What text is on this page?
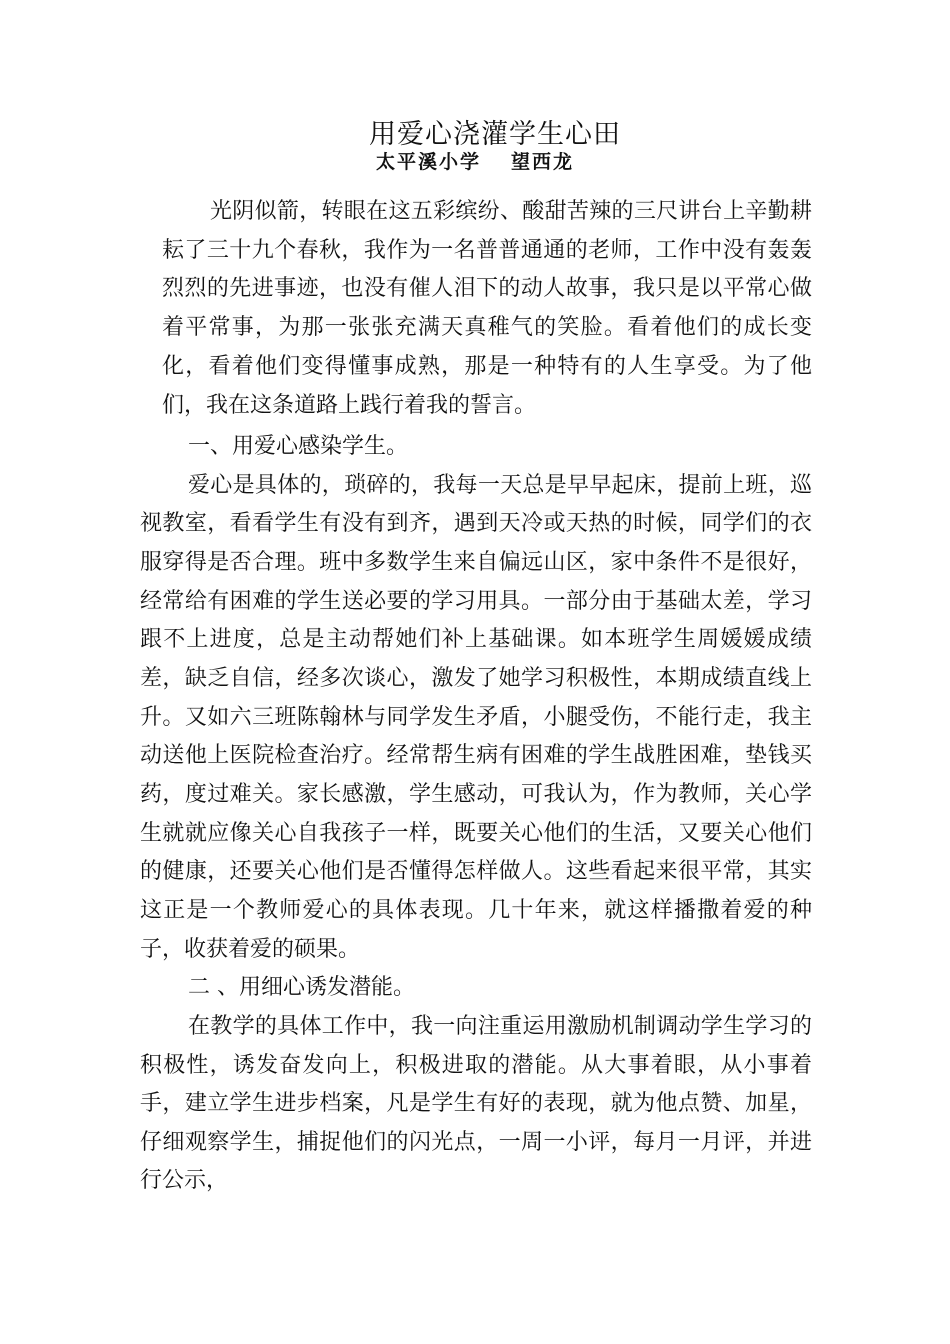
用爱心浇灌学生心田
太平溪小学 望西龙

光阴似箭，转眼在这五彩缤纷、酸甜苦辣的三尺讲台上辛勤耕耘了三十九个春秋，我作为一名普普通通的老师，工作中没有轰轰烈烈的先进事迹，也没有催人泪下的动人故事，我只是以平常心做着平常事，为那一张张充满天真稚气的笑脸。看着他们的成长变化，看着他们变得懂事成熟，那是一种特有的人生享受。为了他们，我在这条道路上践行着我的誓言。

一、用爱心感染学生。

爱心是具体的，琐碎的，我每一天总是早早起床，提前上班，巡视教室，看看学生有没有到齐，遇到天冷或天热的时候，同学们的衣服穿得是否合理。班中多数学生来自偏远山区，家中条件不是很好，经常给有困难的学生送必要的学习用具。一部分由于基础太差，学习跟不上进度，总是主动帮她们补上基础课。如本班学生周媛媛成绩差，缺乏自信，经多次谈心，激发了她学习积极性，本期成绩直线上升。又如六三班陈翰林与同学发生矛盾，小腿受伤，不能行走，我主动送他上医院检查治疗。经常帮生病有困难的学生战胜困难，垫钱买药，度过难关。家长感激，学生感动，可我认为，作为教师，关心学生就就应像关心自我孩子一样，既要关心他们的生活，又要关心他们的健康，还要关心他们是否懂得怎样做人。这些看起来很平常，其实这正是一个教师爱心的具体表现。几十年来，就这样播撒着爱的种子，收获着爱的硕果。

二 、用细心诱发潜能。

在教学的具体工作中，我一向注重运用激励机制调动学生学习的积极性，诱发奋发向上，积极进取的潜能。从大事着眼，从小事着手，建立学生进步档案，凡是学生有好的表现，就为他点赞、加星，仔细观察学生，捕捉他们的闪光点，一周一小评，每月一月评，并进行公示，
